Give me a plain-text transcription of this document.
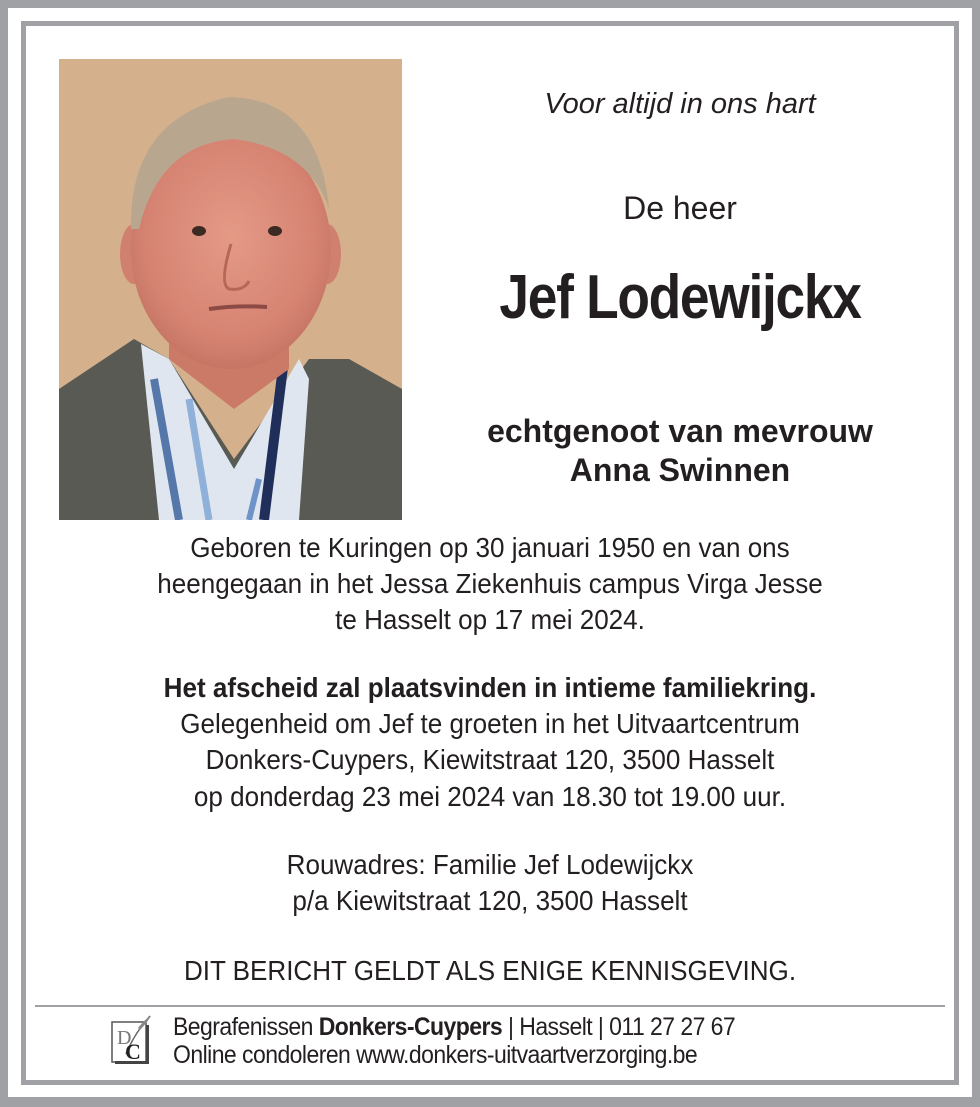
Voor altijd in ons hart
De heer
Jef Lodewijckx
echtgenoot van mevrouw
Anna Swinnen
Geboren te Kuringen op 30 januari 1950 en van ons
heengegaan in het Jessa Ziekenhuis campus Virga Jesse
te Hasselt op 17 mei 2024.
Het afscheid zal plaatsvinden in intieme familiekring.
Gelegenheid om Jef te groeten in het Uitvaartcentrum
Donkers-Cuypers, Kiewitstraat 120, 3500 Hasselt
op donderdag 23 mei 2024 van 18.30 tot 19.00 uur.
Rouwadres: Familie Jef Lodewijckx
p/a Kiewitstraat 120, 3500 Hasselt
DIT BERICHT GELDT ALS ENIGE KENNISGEVING.
D
C
Begrafenissen Donkers-Cuypers | Hasselt | 011 27 27 67
Online condoleren www.donkers-uitvaartverzorging.be
